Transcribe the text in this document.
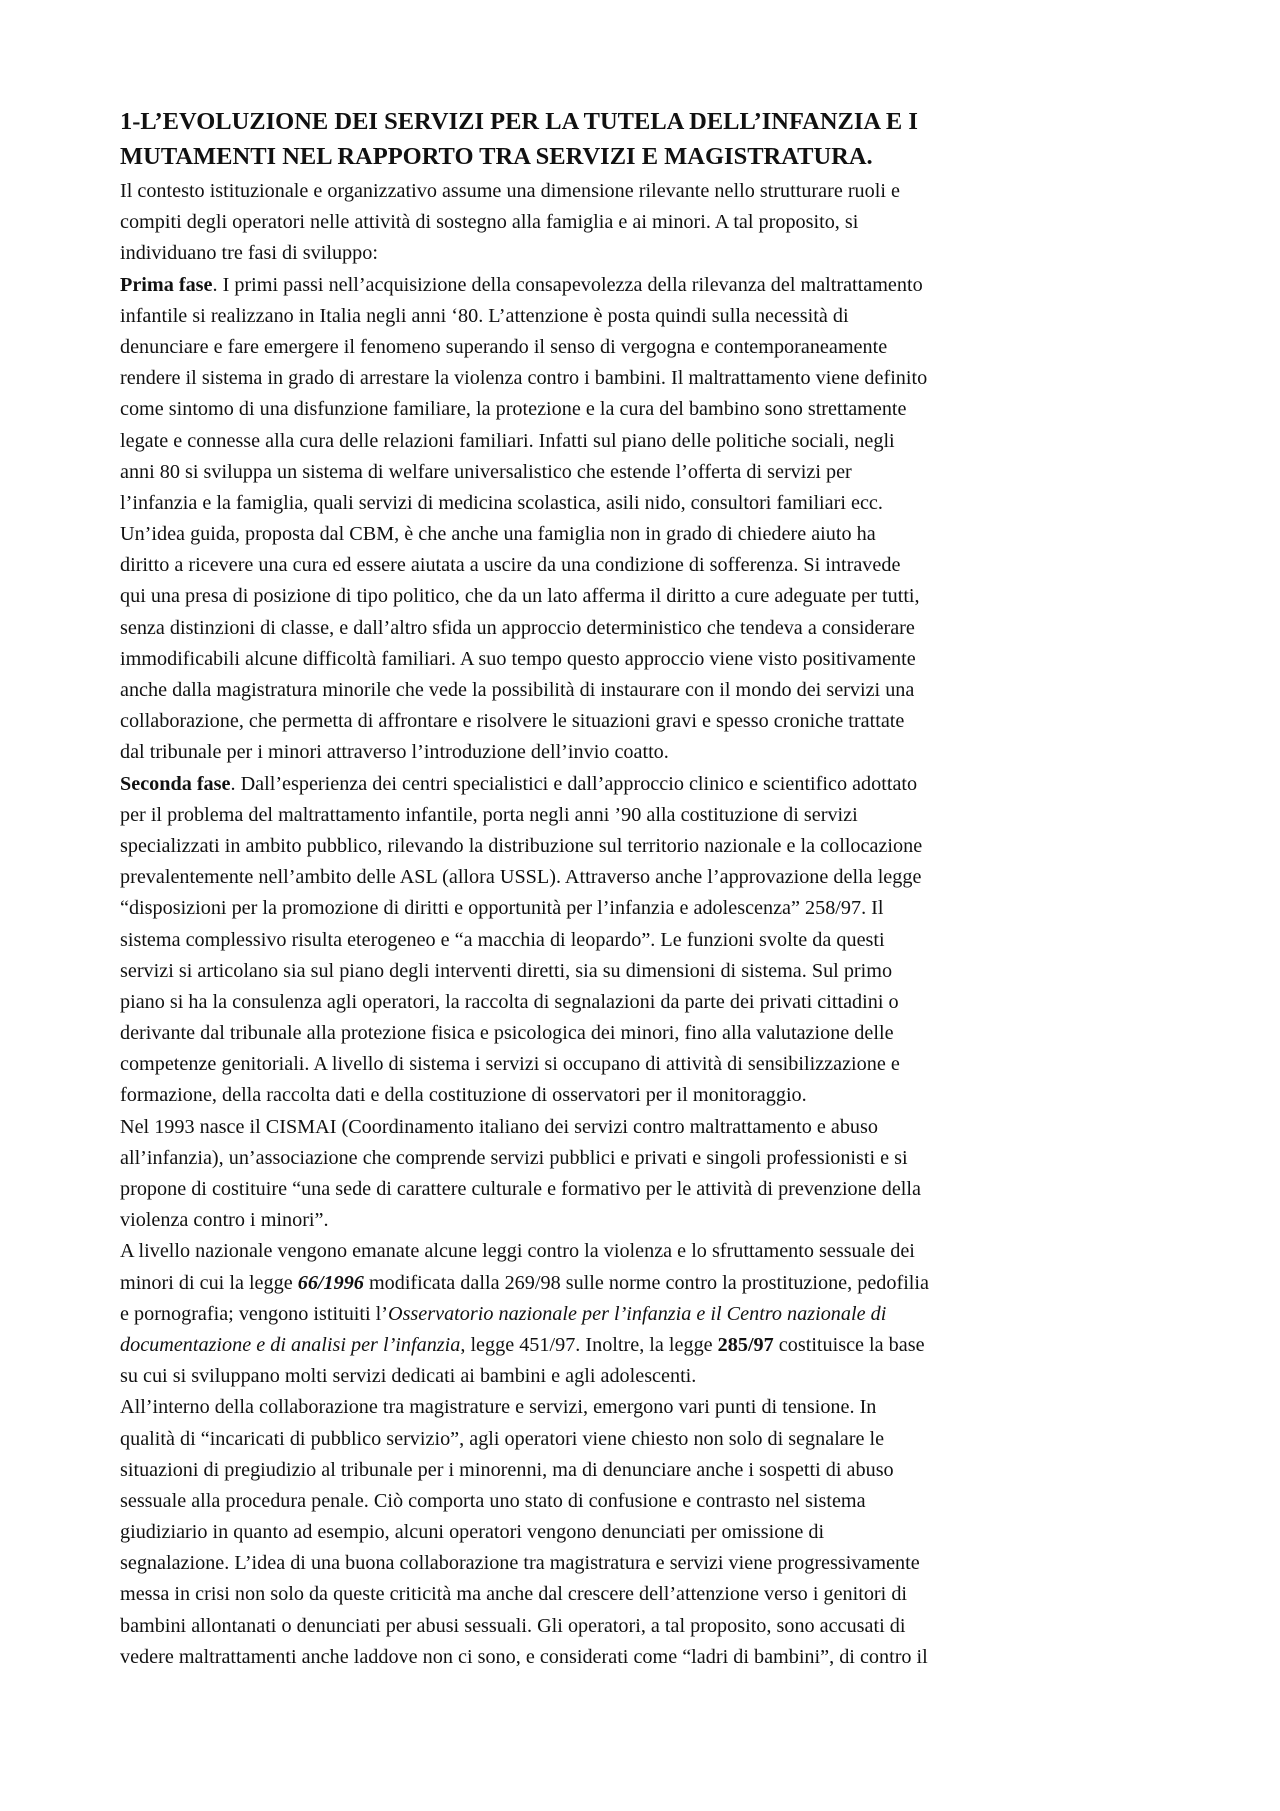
1-L’EVOLUZIONE DEI SERVIZI PER LA TUTELA DELL’INFANZIA E I
MUTAMENTI NEL RAPPORTO TRA SERVIZI E MAGISTRATURA.
Il contesto istituzionale e organizzativo assume una dimensione rilevante nello strutturare ruoli e
compiti degli operatori nelle attività di sostegno alla famiglia e ai minori. A tal proposito, si
individuano tre fasi di sviluppo:
Prima fase. I primi passi nell’acquisizione della consapevolezza della rilevanza del maltrattamento
infantile si realizzano in Italia negli anni ‘80. L’attenzione è posta quindi sulla necessità di
denunciare e fare emergere il fenomeno superando il senso di vergogna e contemporaneamente
rendere il sistema in grado di arrestare la violenza contro i bambini. Il maltrattamento viene definito
come sintomo di una disfunzione familiare, la protezione e la cura del bambino sono strettamente
legate e connesse alla cura delle relazioni familiari. Infatti sul piano delle politiche sociali, negli
anni 80 si sviluppa un sistema di welfare universalistico che estende l’offerta di servizi per
l’infanzia e la famiglia, quali servizi di medicina scolastica, asili nido, consultori familiari ecc.
Un’idea guida, proposta dal CBM, è che anche una famiglia non in grado di chiedere aiuto ha
diritto a ricevere una cura ed essere aiutata a uscire da una condizione di sofferenza. Si intravede
qui una presa di posizione di tipo politico, che da un lato afferma il diritto a cure adeguate per tutti,
senza distinzioni di classe, e dall’altro sfida un approccio deterministico che tendeva a considerare
immodificabili alcune difficoltà familiari. A suo tempo questo approccio viene visto positivamente
anche dalla magistratura minorile che vede la possibilità di instaurare con il mondo dei servizi una
collaborazione, che permetta di affrontare e risolvere le situazioni gravi e spesso croniche trattate
dal tribunale per i minori attraverso l’introduzione dell’invio coatto.
Seconda fase. Dall’esperienza dei centri specialistici e dall’approccio clinico e scientifico adottato
per il problema del maltrattamento infantile, porta negli anni ’90 alla costituzione di servizi
specializzati in ambito pubblico, rilevando la distribuzione sul territorio nazionale e la collocazione
prevalentemente nell’ambito delle ASL (allora USSL). Attraverso anche l’approvazione della legge
“disposizioni per la promozione di diritti e opportunità per l’infanzia e adolescenza” 258/97. Il
sistema complessivo risulta eterogeneo e “a macchia di leopardo”. Le funzioni svolte da questi
servizi si articolano sia sul piano degli interventi diretti, sia su dimensioni di sistema. Sul primo
piano si ha la consulenza agli operatori, la raccolta di segnalazioni da parte dei privati cittadini o
derivante dal tribunale alla protezione fisica e psicologica dei minori, fino alla valutazione delle
competenze genitoriali. A livello di sistema i servizi si occupano di attività di sensibilizzazione e
formazione, della raccolta dati e della costituzione di osservatori per il monitoraggio.
Nel 1993 nasce il CISMAI (Coordinamento italiano dei servizi contro maltrattamento e abuso
all’infanzia), un’associazione che comprende servizi pubblici e privati e singoli professionisti e si
propone di costituire “una sede di carattere culturale e formativo per le attività di prevenzione della
violenza contro i minori”.
A livello nazionale vengono emanate alcune leggi contro la violenza e lo sfruttamento sessuale dei
minori di cui la legge 66/1996 modificata dalla 269/98 sulle norme contro la prostituzione, pedofilia
e pornografia; vengono istituiti l’Osservatorio nazionale per l’infanzia e il Centro nazionale di
documentazione e di analisi per l’infanzia, legge 451/97. Inoltre, la legge 285/97 costituisce la base
su cui si sviluppano molti servizi dedicati ai bambini e agli adolescenti.
All’interno della collaborazione tra magistrature e servizi, emergono vari punti di tensione. In
qualità di “incaricati di pubblico servizio”, agli operatori viene chiesto non solo di segnalare le
situazioni di pregiudizio al tribunale per i minorenni, ma di denunciare anche i sospetti di abuso
sessuale alla procedura penale. Ciò comporta uno stato di confusione e contrasto nel sistema
giudiziario in quanto ad esempio, alcuni operatori vengono denunciati per omissione di
segnalazione. L’idea di una buona collaborazione tra magistratura e servizi viene progressivamente
messa in crisi non solo da queste criticità ma anche dal crescere dell’attenzione verso i genitori di
bambini allontanati o denunciati per abusi sessuali. Gli operatori, a tal proposito, sono accusati di
vedere maltrattamenti anche laddove non ci sono, e considerati come “ladri di bambini”, di contro il
